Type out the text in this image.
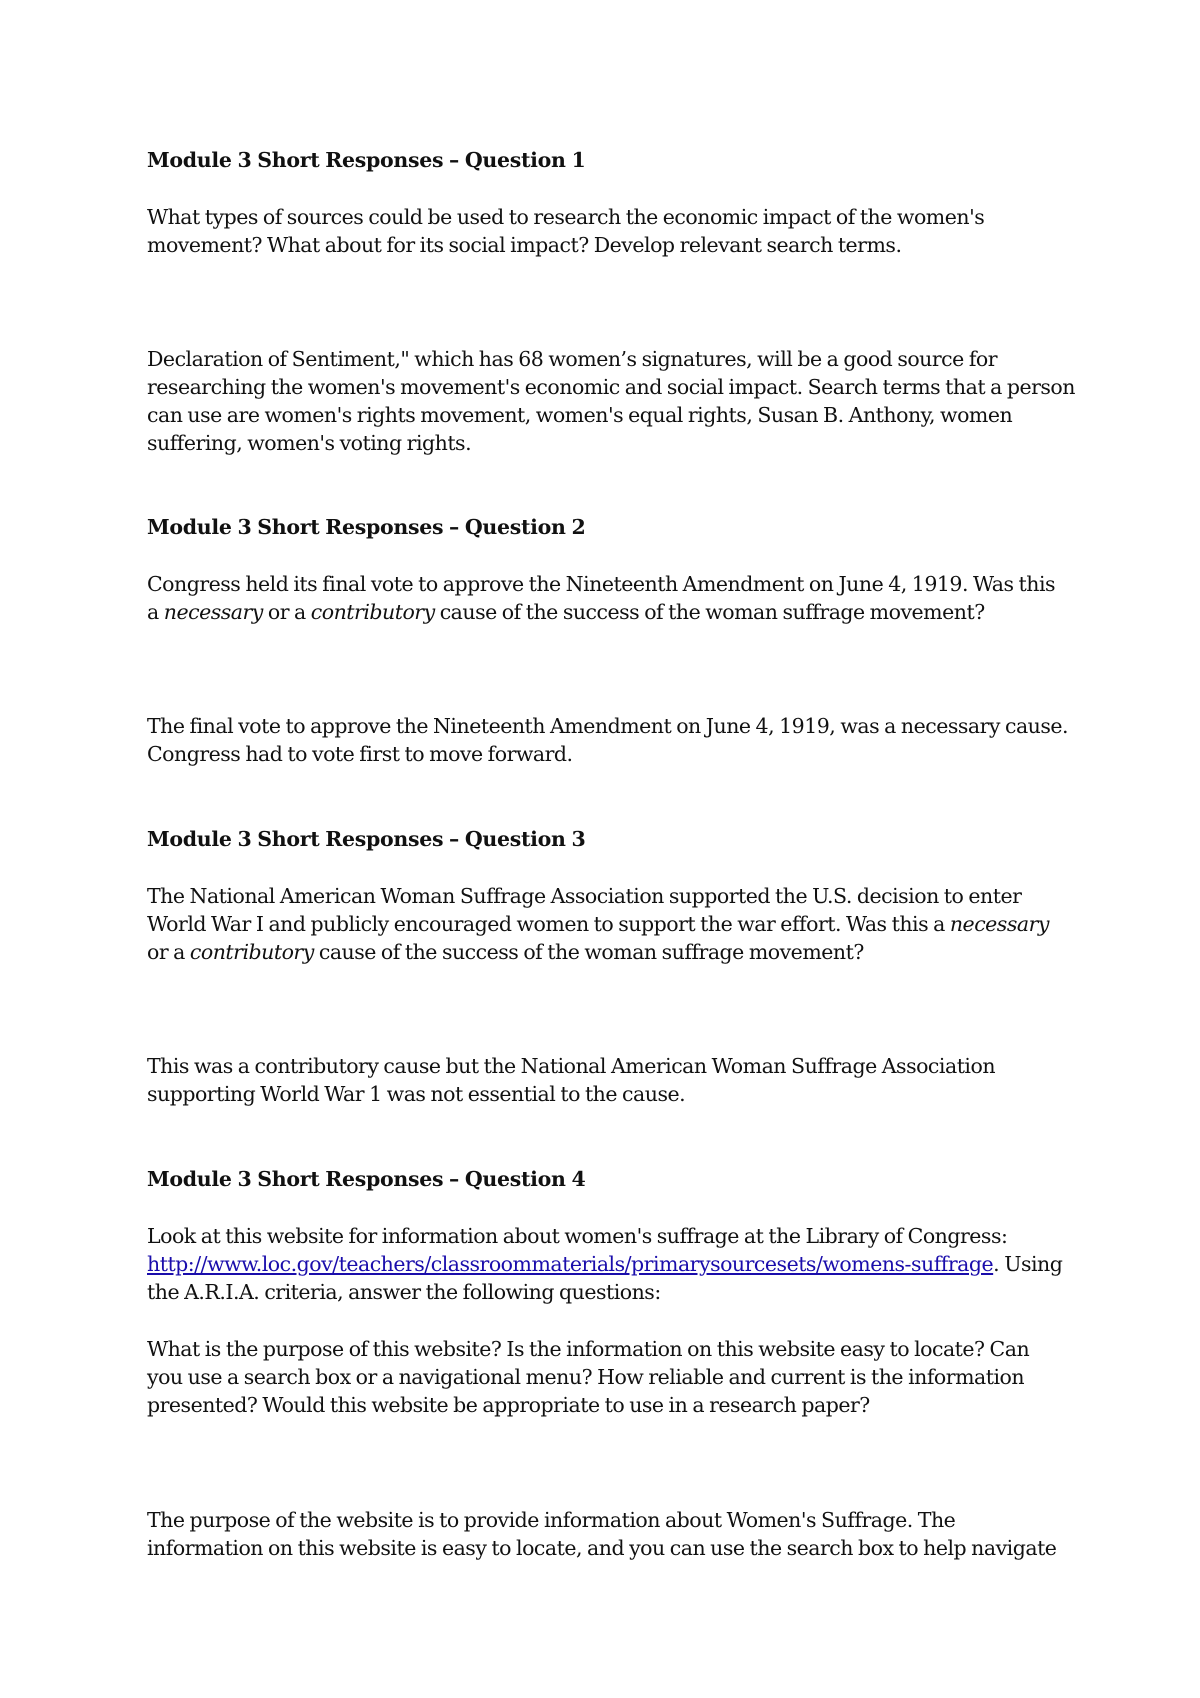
Module 3 Short Responses – Question 1
What types of sources could be used to research the economic impact of the women's
movement? What about for its social impact? Develop relevant search terms.
Declaration of Sentiment," which has 68 women’s signatures, will be a good source for
researching the women's movement's economic and social impact. Search terms that a person
can use are women's rights movement, women's equal rights, Susan B. Anthony, women
suffering, women's voting rights.
Module 3 Short Responses – Question 2
Congress held its final vote to approve the Nineteenth Amendment on June 4, 1919. Was this
a necessary or a contributory cause of the success of the woman suffrage movement?
The final vote to approve the Nineteenth Amendment on June 4, 1919, was a necessary cause.
Congress had to vote first to move forward.
Module 3 Short Responses – Question 3
The National American Woman Suffrage Association supported the U.S. decision to enter
World War I and publicly encouraged women to support the war effort. Was this a necessary
or a contributory cause of the success of the woman suffrage movement?
This was a contributory cause but the National American Woman Suffrage Association
supporting World War 1 was not essential to the cause.
Module 3 Short Responses – Question 4
Look at this website for information about women's suffrage at the Library of Congress:
http://www.loc.gov/teachers/classroommaterials/primarysourcesets/womens-suffrage. Using
the A.R.I.A. criteria, answer the following questions:
What is the purpose of this website? Is the information on this website easy to locate? Can
you use a search box or a navigational menu? How reliable and current is the information
presented? Would this website be appropriate to use in a research paper?
The purpose of the website is to provide information about Women's Suffrage. The
information on this website is easy to locate, and you can use the search box to help navigate
